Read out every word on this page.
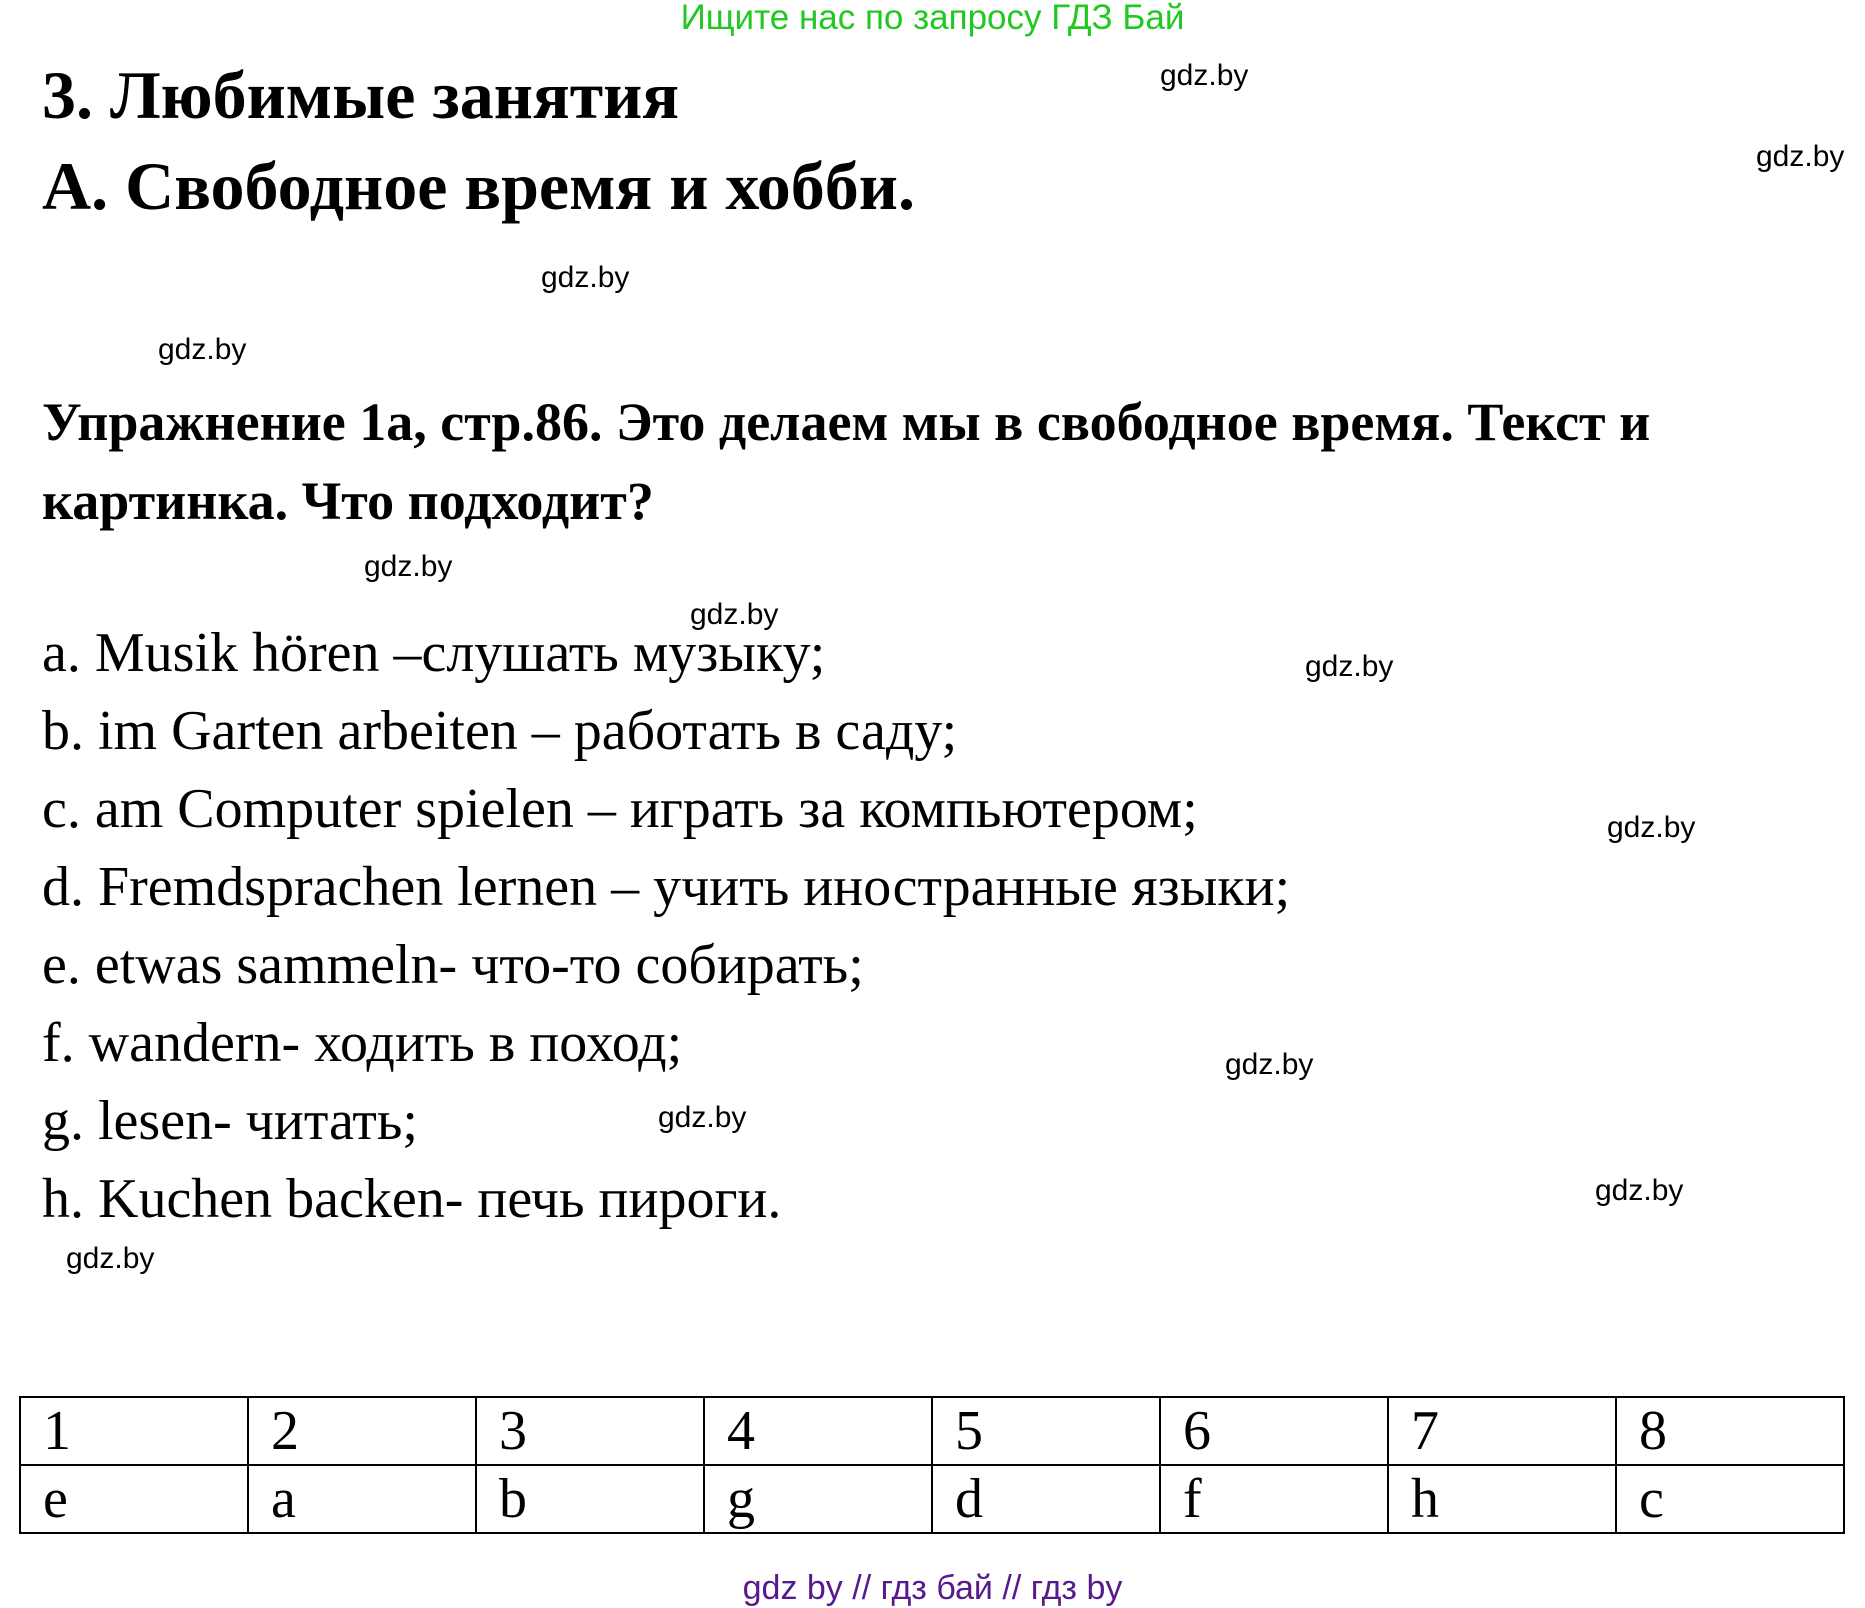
Ищите нас по запросу ГДЗ Бай
3. Любимые занятия
А. Свободное время и хобби.
Упражнение 1a, стр.86. Это делаем мы в свободное время. Текст и картинка. Что подходит?
a. Musik hören –слушать музыку;
b. im Garten arbeiten – работать в саду;
c. am Computer spielen – играть за компьютером;
d. Fremdsprachen lernen – учить иностранные языки;
e. etwas sammeln- что-то собирать;
f. wandern- ходить в поход;
g. lesen- читать;
h. Kuchen backen- печь пироги.
gdz.by
gdz.by
gdz.by
gdz.by
gdz.by
gdz.by
gdz.by
gdz.by
gdz.by
gdz.by
gdz.by
gdz.by
1	2	3	4	5	6	7	8
e	a	b	g	d	f	h	c
gdz by // гдз бай // гдз by
